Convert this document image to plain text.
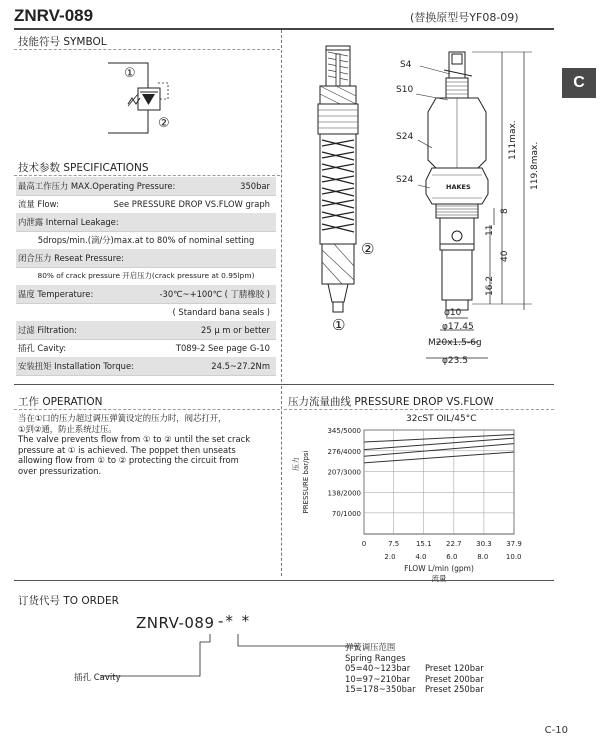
ZNRV-089	(替换原型号YF08-09)
C
技能符号 SYMBOL
①
②
技术参数 SPECIFICATIONS
最高工作压力 MAX.Operating Pressure:	350bar
流量 Flow:	See PRESSURE DROP VS.FLOW graph
内泄露 Internal Leakage:
5drops/min.(滴/分)max.at to 80% of nominal setting
闭合压力 Reseat Pressure:
80% of crack pressure 开启压力(crack pressure at 0.95lpm)
温度 Temperature:	-30℃~+100℃ ( 丁腈橡胶 )
( Standard bana seals )
过滤 Filtration:	25 μ m or better
插孔 Cavity:	T089-2 See page G-10
安装扭矩 Installation Torque:	24.5~27.2Nm
②
①
S4
S10
S24
S24
HAKES
111max.
119.8max.
8
11
40
16.2
φ10
φ17.45
M20x1.5-6g
φ23.5
工作 OPERATION
当在①口的压力超过调压弹簧设定的压力时，阀芯打开，
①到②通，防止系统过压。
The valve prevents flow from ① to ② until the set crack
pressure at ① is achieved. The poppet then unseats
allowing flow from ① to ② protecting the circuit from
over pressurization.
压力流量曲线 PRESSURE DROP VS.FLOW
32cST OIL/45°C
345/5000
276/4000
207/3000
138/2000
70/1000
0	7.5 15.1 22.7 30.3 37.9
2.0	4.0	6.0	8.0	10.0
压力 PRESSURE bar/psi
FLOW L/min (gpm)
流量
订货代号 TO ORDER
ZNRV-089 -* *
插孔 Cavity
弹簧调压范围
Spring Ranges
05=40~123bar Preset 120bar
10=97~210bar Preset 200bar
15=178~350bar Preset 250bar
C-10
